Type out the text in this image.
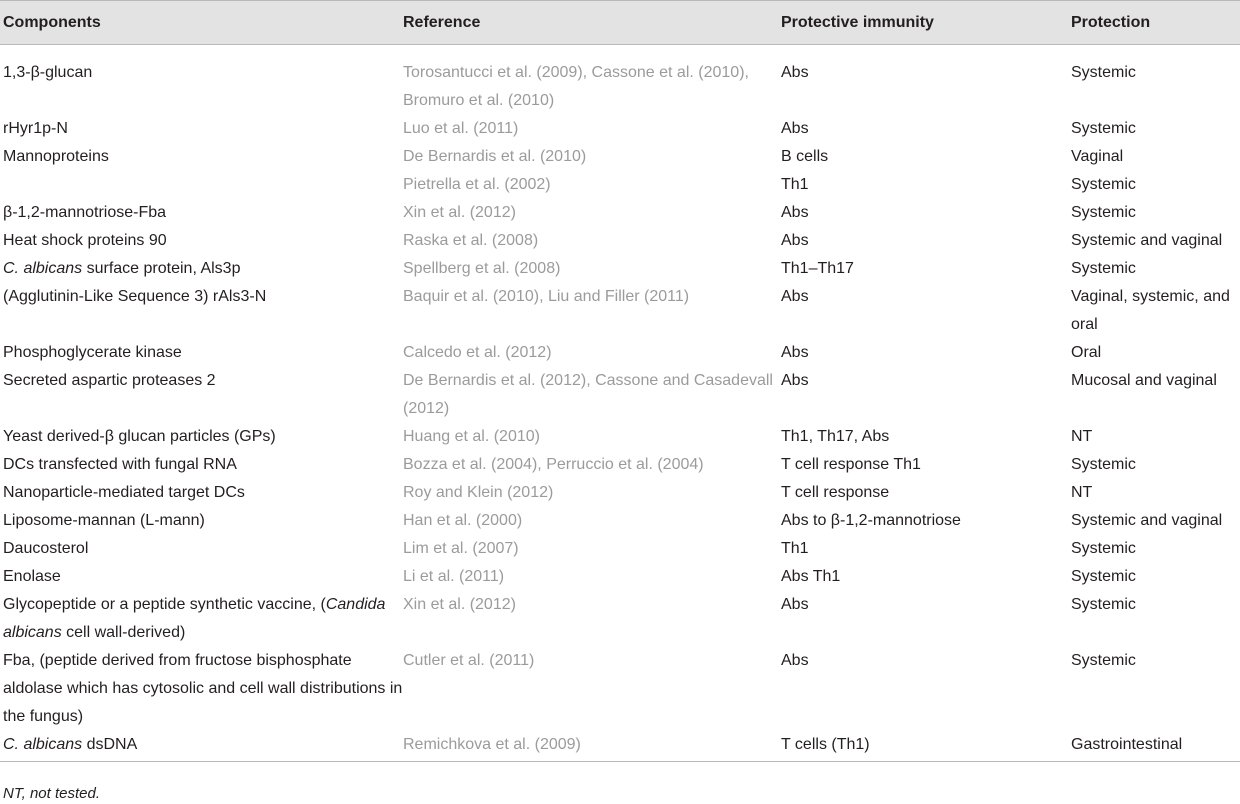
Components	Reference	Protective immunity	Protection
1,3-β-glucan	Torosantucci et al. (2009), Cassone et al. (2010), Bromuro et al. (2010)	Abs	Systemic
rHyr1p-N	Luo et al. (2011)	Abs	Systemic
Mannoproteins	De Bernardis et al. (2010)	B cells	Vaginal
	Pietrella et al. (2002)	Th1	Systemic
β-1,2-mannotriose-Fba	Xin et al. (2012)	Abs	Systemic
Heat shock proteins 90	Raska et al. (2008)	Abs	Systemic and vaginal
C. albicans surface protein, Als3p	Spellberg et al. (2008)	Th1–Th17	Systemic
(Agglutinin-Like Sequence 3) rAls3-N	Baquir et al. (2010), Liu and Filler (2011)	Abs	Vaginal, systemic, and oral
Phosphoglycerate kinase	Calcedo et al. (2012)	Abs	Oral
Secreted aspartic proteases 2	De Bernardis et al. (2012), Cassone and Casadevall (2012)	Abs	Mucosal and vaginal
Yeast derived-β glucan particles (GPs)	Huang et al. (2010)	Th1, Th17, Abs	NT
DCs transfected with fungal RNA	Bozza et al. (2004), Perruccio et al. (2004)	T cell response Th1	Systemic
Nanoparticle-mediated target DCs	Roy and Klein (2012)	T cell response	NT
Liposome-mannan (L-mann)	Han et al. (2000)	Abs to β-1,2-mannotriose	Systemic and vaginal
Daucosterol	Lim et al. (2007)	Th1	Systemic
Enolase	Li et al. (2011)	Abs Th1	Systemic
Glycopeptide or a peptide synthetic vaccine, (Candida albicans cell wall-derived)	Xin et al. (2012)	Abs	Systemic
Fba, (peptide derived from fructose bisphosphate aldolase which has cytosolic and cell wall distributions in the fungus)	Cutler et al. (2011)	Abs	Systemic
C. albicans dsDNA	Remichkova et al. (2009)	T cells (Th1)	Gastrointestinal

NT, not tested.
